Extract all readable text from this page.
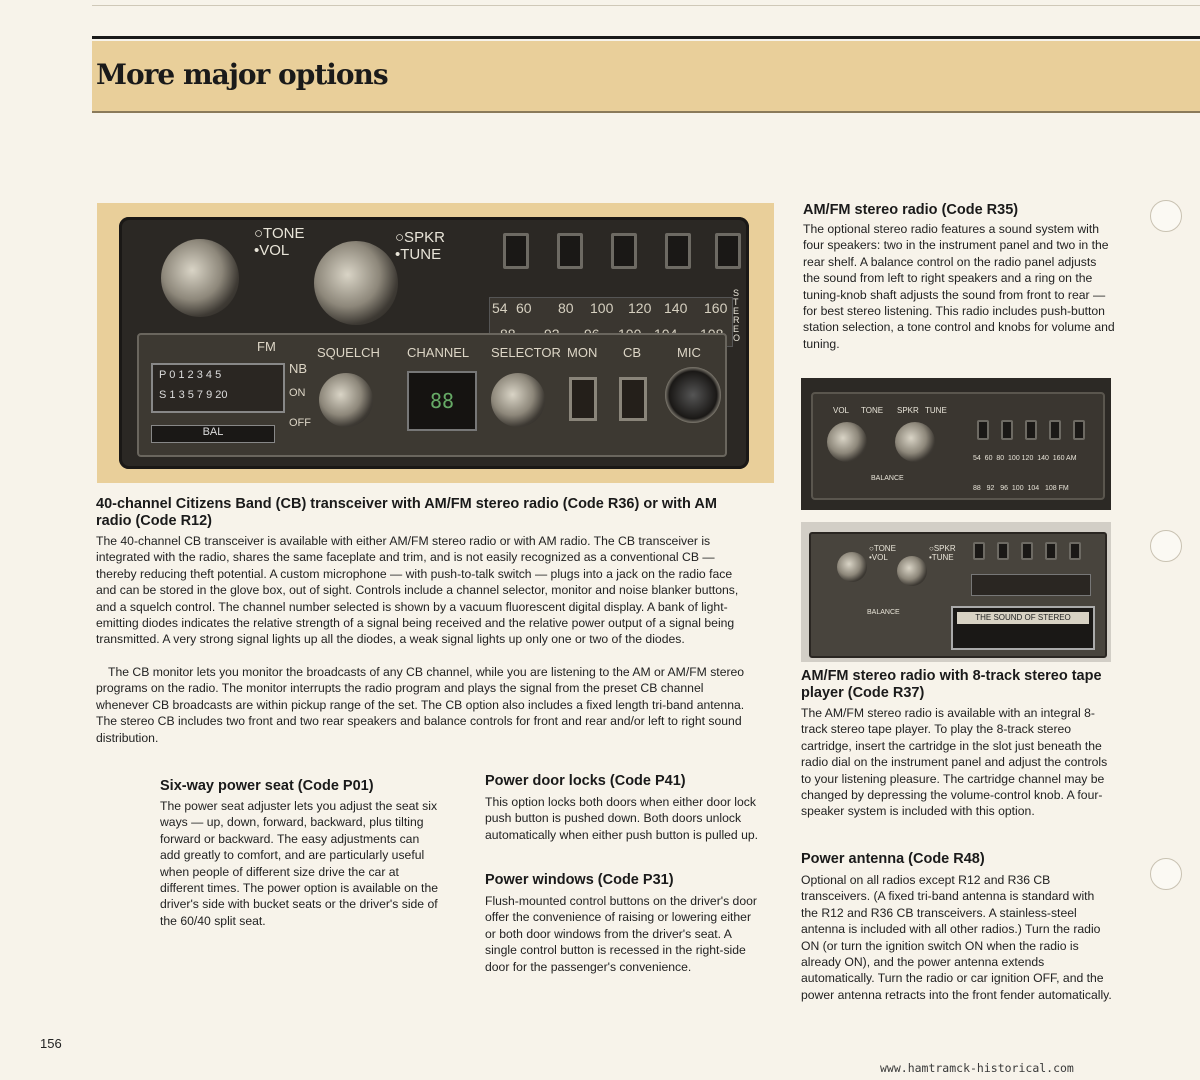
More major options
○TONE
•VOL
○SPKR
•TUNE
54 60 80 100 120 140 160
STEREO
FM
P 0 1 2 3 4 5
S 1 3 5 7 9 20
NB
ON
OFF
BAL
SQUELCH CHANNEL
88
SELECTOR MON CB	MIC
40-channel Citizens Band (CB) transceiver with AM/FM stereo radio (Code R36) or with AM radio (Code R12)
The 40-channel CB transceiver is available with either AM/FM stereo radio or with AM radio. The CB transceiver is integrated with the radio, shares the same faceplate and trim, and is not easily recognized as a conventional CB — thereby reducing theft potential. A custom microphone — with push-to-talk switch — plugs into a jack on the radio face and can be stored in the glove box, out of sight. Controls include a channel selector, monitor and noise blanker buttons, and a squelch control. The channel number selected is shown by a vacuum fluorescent digital display. A bank of light-emitting diodes indicates the relative strength of a signal being received and the relative power output of a signal being transmitted. A very strong signal lights up all the diodes, a weak signal lights up only one or two of the diodes.
The CB monitor lets you monitor the broadcasts of any CB channel, while you are listening to the AM or AM/FM stereo programs on the radio. The monitor interrupts the radio program and plays the signal from the preset CB channel whenever CB broadcasts are within pickup range of the set. The CB option also includes a fixed length tri-band antenna. The stereo CB includes two front and two rear speakers and balance controls for front and rear and/or left to right sound distribution.
Six-way power seat (Code P01)
The power seat adjuster lets you adjust the seat six ways — up, down, forward, backward, plus tilting forward or backward. The easy adjustments can add greatly to comfort, and are particularly useful when people of different size drive the car at different times. The power option is available on the driver's side with bucket seats or the driver's side of the 60/40 split seat.
Power door locks (Code P41)
This option locks both doors when either door lock push button is pushed down. Both doors unlock automatically when either push button is pulled up.
Power windows (Code P31)
Flush-mounted control buttons on the driver's door offer the convenience of raising or lowering either or both door windows from the driver's seat. A single control button is recessed in the right-side door for the passenger's convenience.
AM/FM stereo radio (Code R35)
The optional stereo radio features a sound system with four speakers: two in the instrument panel and two in the rear shelf. A balance control on the radio panel adjusts the sound from left to right speakers and a ring on the tuning-knob shaft adjusts the sound from front to rear — for best stereo listening. This radio includes push-button station selection, a tone control and knobs for volume and tuning.
VOL TONE SPKR TUNE
BALANCE
54  60  80  100 120  140  160 AM
88   92   96  100  104   108 FM
○TONE
•VOL
○SPKR
•TUNE
BALANCE
THE SOUND OF STEREO
AM/FM stereo radio with 8-track stereo tape player (Code R37)
The AM/FM stereo radio is available with an integral 8-track stereo tape player. To play the 8-track stereo cartridge, insert the cartridge in the slot just beneath the radio dial on the instrument panel and adjust the controls to your listening pleasure. The cartridge channel may be changed by depressing the volume-control knob. A four-speaker system is included with this option.
Power antenna (Code R48)
Optional on all radios except R12 and R36 CB transceivers. (A fixed tri-band antenna is standard with the R12 and R36 CB transceivers. A stainless-steel antenna is included with all other radios.) Turn the radio ON (or turn the ignition switch ON when the radio is already ON), and the power antenna extends automatically. Turn the radio or car ignition OFF, and the power antenna retracts into the front fender automatically.
156
www.hamtramck-historical.com
